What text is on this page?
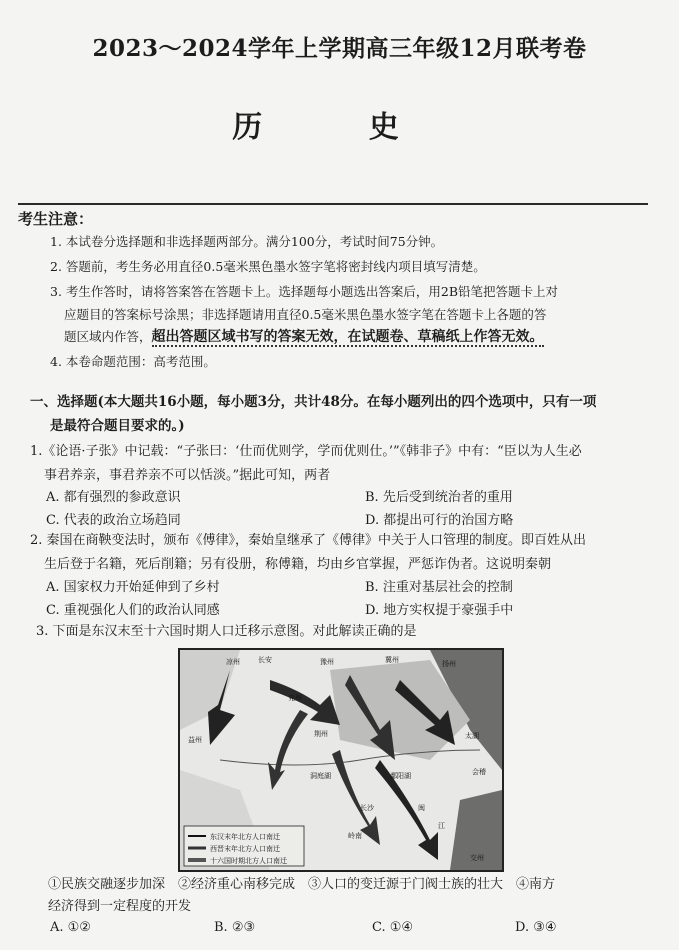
2023～2024学年上学期高三年级12月联考卷
历 史
考生注意：
1. 本试卷分选择题和非选择题两部分。满分100分，考试时间75分钟。
2. 答题前，考生务必用直径0.5毫米黑色墨水签字笔将密封线内项目填写清楚。
3. 考生作答时，请将答案答在答题卡上。选择题每小题选出答案后，用2B铅笔把答题卡上对
应题目的答案标号涂黑；非选择题请用直径0.5毫米黑色墨水签字笔在答题卡上各题的答
题区域内作答，超出答题区域书写的答案无效，在试题卷、草稿纸上作答无效。
4. 本卷命题范围：高考范围。
一、选择题(本大题共16小题，每小题3分，共计48分。在每小题列出的四个选项中，只有一项
是最符合题目要求的。)
1.《论语·子张》中记载：“子张曰：‘仕而优则学，学而优则仕。’”《韩非子》中有：“臣以为人生必
事君养亲，事君养亲不可以恬淡。”据此可知，两者
A. 都有强烈的参政意识	B. 先后受到统治者的重用
C. 代表的政治立场趋同	D. 都提出可行的治国方略
2. 秦国在商鞅变法时，颁布《傅律》，秦始皇继承了《傅律》中关于人口管理的制度。即百姓从出
生后登于名籍，死后削籍；另有役册，称傅籍，均由乡官掌握，严惩诈伪者。这说明秦朝
A. 国家权力开始延伸到了乡村	B. 注重对基层社会的控制
C. 重视强化人们的政治认同感	D. 地方实权提于豪强手中
3. 下面是东汉末至十六国时期人口迁移示意图。对此解读正确的是
凉州	长安	豫州	扬州
兖州
荆州
益州
长沙
交州
太湖
会稽
闽
江
岭南
洞庭湖	鄱阳湖
冀州
东汉末年北方人口南迁
西晋末年北方人口南迁
十六国时期北方人口南迁
①民族交融逐步加深　②经济重心南移完成　③人口的变迁源于门阀士族的壮大　④南方
经济得到一定程度的开发
A. ①②	B. ②③	C. ①④	D. ③④
